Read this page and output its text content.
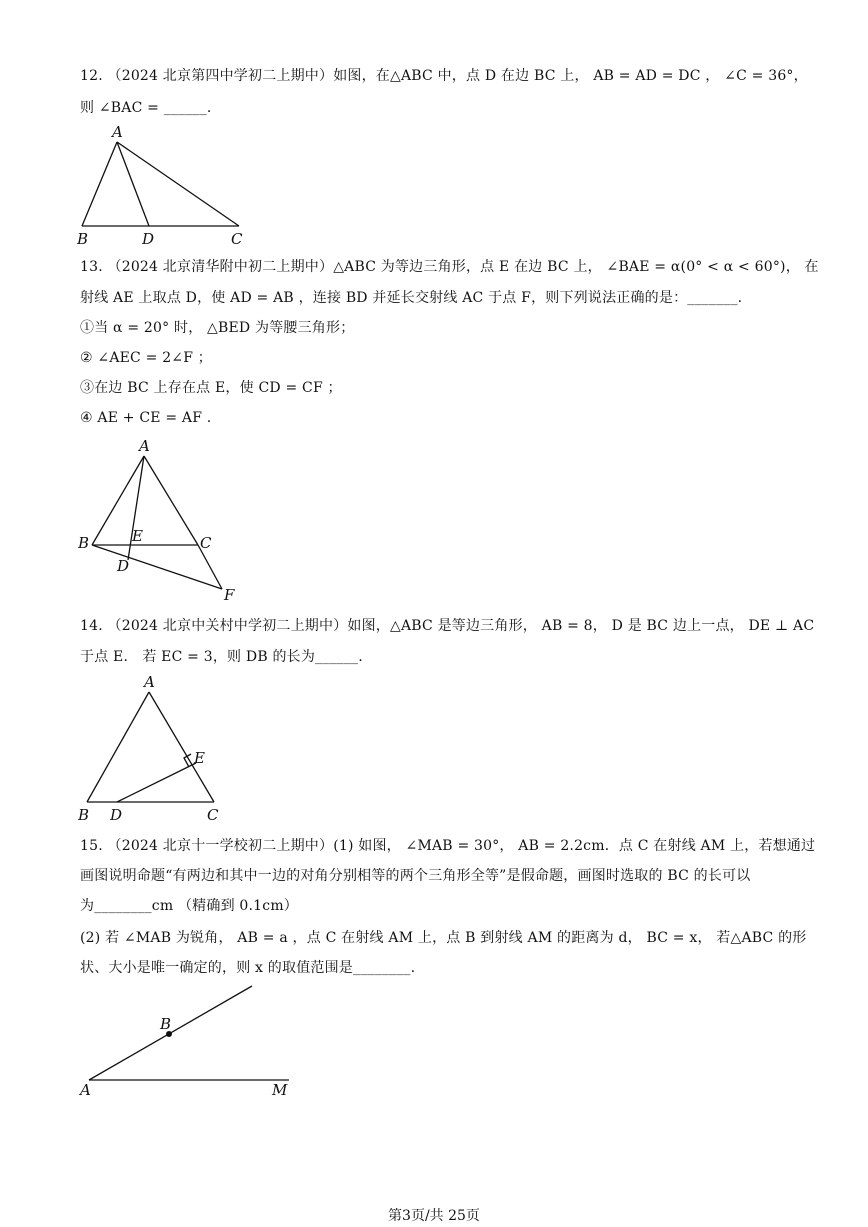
12. （2024 北京第四中学初二上期中）如图，在△ABC 中，点 D 在边 BC 上， AB = AD = DC ， ∠C = 36°，
则 ∠BAC = ______.
A
B	D	C
13. （2024 北京清华附中初二上期中）△ABC 为等边三角形，点 E 在边 BC 上， ∠BAE = α(0° < α < 60°)， 在
射线 AE 上取点 D，使 AD = AB ，连接 BD 并延长交射线 AC 于点 F，则下列说法正确的是：_______.
①当 α = 20° 时， △BED 为等腰三角形；
② ∠AEC = 2∠F ；
③在边 BC 上存在点 E，使 CD = CF ；
④ AE + CE = AF .
A
B	E	C
D
F
14. （2024 北京中关村中学初二上期中）如图，△ABC 是等边三角形， AB = 8， D 是 BC 边上一点， DE ⊥ AC
于点 E． 若 EC = 3，则 DB 的长为______.
A
E
B D	C
15. （2024 北京十一学校初二上期中）(1) 如图， ∠MAB = 30°， AB = 2.2cm．点 C 在射线 AM 上，若想通过
画图说明命题“有两边和其中一边的对角分别相等的两个三角形全等”是假命题，画图时选取的 BC 的长可以
为________cm （精确到 0.1cm）
(2) 若 ∠MAB 为锐角， AB = a ，点 C 在射线 AM 上，点 B 到射线 AM 的距离为 d， BC = x， 若△ABC 的形
状、大小是唯一确定的，则 x 的取值范围是________.
B
A	M
第3页/共 25页
